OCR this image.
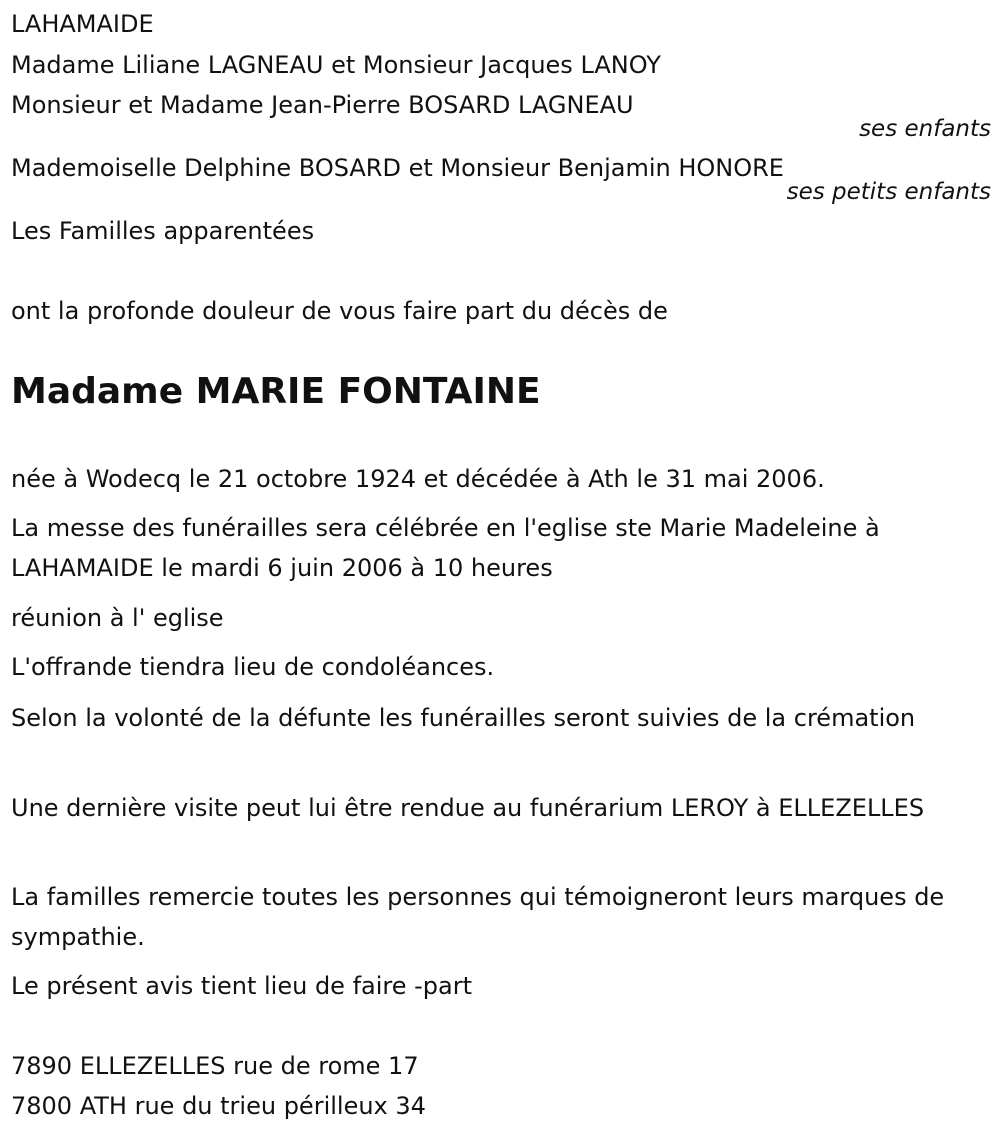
LAHAMAIDE
Madame Liliane LAGNEAU et Monsieur Jacques LANOY
Monsieur et Madame Jean-Pierre BOSARD LAGNEAU
ses enfants
Mademoiselle Delphine BOSARD et Monsieur Benjamin HONORE
ses petits enfants
Les Familles apparentées
ont la profonde douleur de vous faire part du décès de
Madame MARIE FONTAINE
née à Wodecq le 21 octobre 1924 et décédée à Ath le 31 mai 2006.
La messe des funérailles sera célébrée en l'eglise ste Marie Madeleine à LAHAMAIDE le mardi 6 juin 2006 à 10 heures
réunion à l' eglise
L'offrande tiendra lieu de condoléances.
Selon la volonté de la défunte les funérailles seront suivies de la crémation
Une dernière visite peut lui être rendue au funérarium LEROY à ELLEZELLES
La familles remercie toutes les personnes qui témoigneront leurs marques de sympathie.
Le présent avis tient lieu de faire -part
7890 ELLEZELLES rue de rome 17
7800 ATH rue du trieu périlleux 34
